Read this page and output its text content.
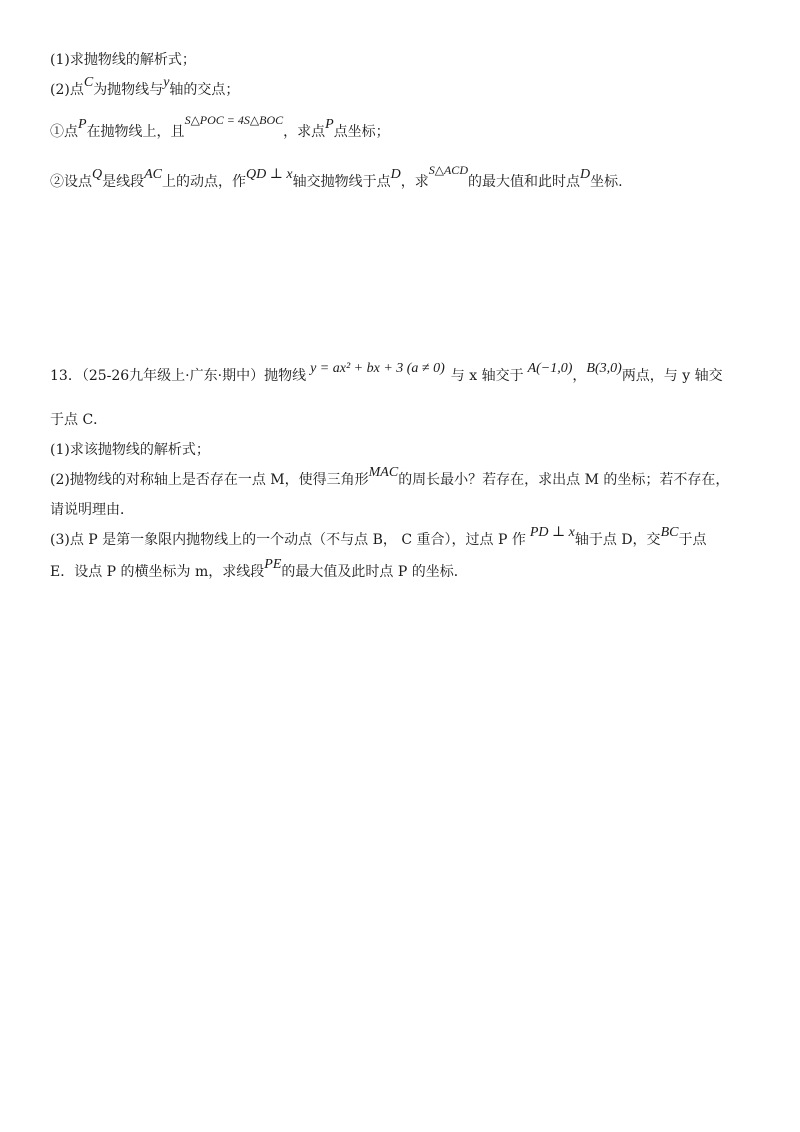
(1)求抛物线的解析式；
(2)点C为抛物线与y轴的交点；
①点P在抛物线上，且S△POC = 4S△BOC，求点P点坐标；
②设点Q是线段AC上的动点，作QD ⊥ x轴交抛物线于点D，求S△ACD的最大值和此时点D坐标.
13．（25-26九年级上·广东·期中）抛物线 y = ax² + bx + 3 (a ≠ 0) 与 x 轴交于 A(−1,0)，B(3,0)两点，与 y 轴交
于点 C．
(1)求该抛物线的解析式；
(2)抛物线的对称轴上是否存在一点 M，使得三角形MAC的周长最小？若存在，求出点 M 的坐标；若不存在，
请说明理由．
(3)点 P 是第一象限内抛物线上的一个动点（不与点 B， C 重合），过点 P 作 PD ⊥ x轴于点 D，交BC于点
E．设点 P 的横坐标为 m，求线段PE的最大值及此时点 P 的坐标．
